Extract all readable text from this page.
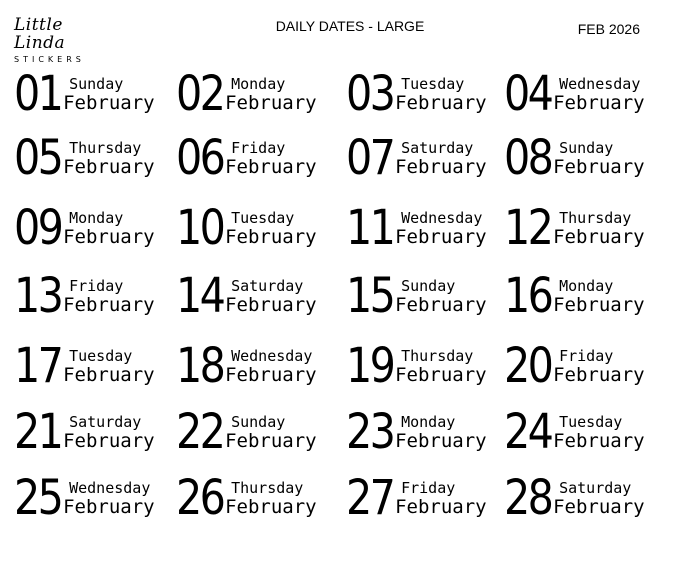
Little Linda
STICKERS
DAILY DATES - LARGE	FEB 2026
01 Sunday
February 02 Monday
February 03 Tuesday
February 04 Wednesday
February
05 Thursday
February 06 Friday
February 07 Saturday
February 08 Sunday
February
09 Monday
February 10 Tuesday
February 11 Wednesday
February 12 Thursday
February
13 Friday
February 14 Saturday
February 15 Sunday
February 16 Monday
February
17 Tuesday
February 18 Wednesday
February 19 Thursday
February 20 Friday
February
21 Saturday
February 22 Sunday
February 23 Monday
February 24 Tuesday
February
25 Wednesday
February 26 Thursday
February 27 Friday
February 28 Saturday
February
